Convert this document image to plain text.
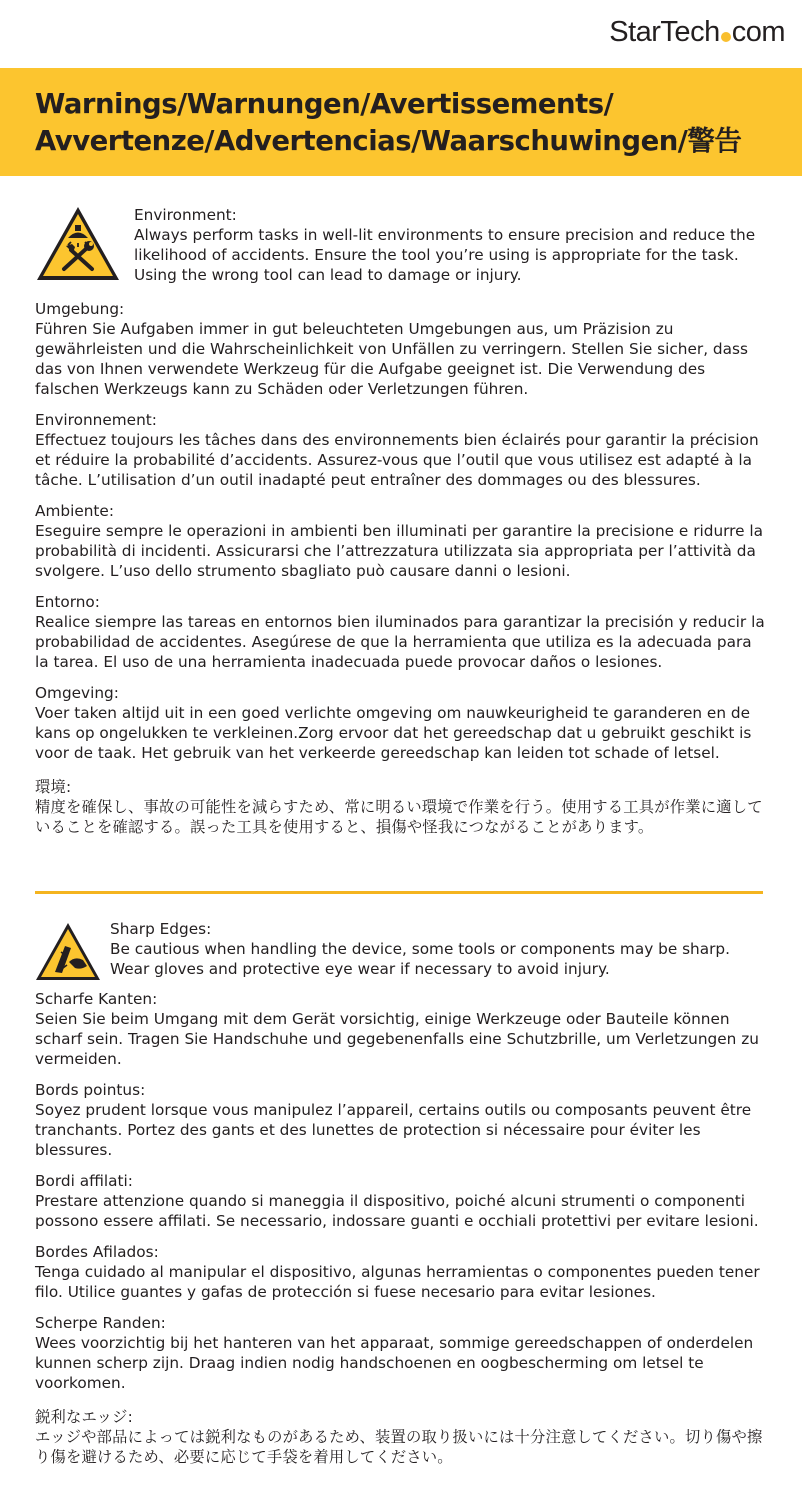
StarTech com
Warnings/Warnungen/Avertissements/
Avvertenze/Advertencias/Waarschuwingen/警告
Environment:
Always perform tasks in well-lit environments to ensure precision and reduce the likelihood of accidents. Ensure the tool you’re using is appropriate for the task. Using the wrong tool can lead to damage or injury.
Umgebung:
Führen Sie Aufgaben immer in gut beleuchteten Umgebungen aus, um Präzision zu gewährleisten und die Wahrscheinlichkeit von Unfällen zu verringern. Stellen Sie sicher, dass das von Ihnen verwendete Werkzeug für die Aufgabe geeignet ist. Die Verwendung des falschen Werkzeugs kann zu Schäden oder Verletzungen führen.
Environnement:
Effectuez toujours les tâches dans des environnements bien éclairés pour garantir la précision et réduire la probabilité d’accidents. Assurez-vous que l’outil que vous utilisez est adapté à la tâche. L’utilisation d’un outil inadapté peut entraîner des dommages ou des blessures.
Ambiente:
Eseguire sempre le operazioni in ambienti ben illuminati per garantire la precisione e ridurre la probabilità di incidenti. Assicurarsi che l’attrezzatura utilizzata sia appropriata per l’attività da svolgere. L’uso dello strumento sbagliato può causare danni o lesioni.
Entorno:
Realice siempre las tareas en entornos bien iluminados para garantizar la precisión y reducir la probabilidad de accidentes. Asegúrese de que la herramienta que utiliza es la adecuada para la tarea. El uso de una herramienta inadecuada puede provocar daños o lesiones.
Omgeving:
Voer taken altijd uit in een goed verlichte omgeving om nauwkeurigheid te garanderen en de kans op ongelukken te verkleinen.Zorg ervoor dat het gereedschap dat u gebruikt geschikt is voor de taak. Het gebruik van het verkeerde gereedschap kan leiden tot schade of letsel.
環境:
精度を確保し、事故の可能性を減らすため、常に明るい環境で作業を行う。使用する工具が作業に適していることを確認する。誤った工具を使用すると、損傷や怪我につながることがあります。
Sharp Edges:
Be cautious when handling the device, some tools or components may be sharp. Wear gloves and protective eye wear if necessary to avoid injury.
Scharfe Kanten:
Seien Sie beim Umgang mit dem Gerät vorsichtig, einige Werkzeuge oder Bauteile können scharf sein. Tragen Sie Handschuhe und gegebenenfalls eine Schutzbrille, um Verletzungen zu vermeiden.
Bords pointus:
Soyez prudent lorsque vous manipulez l’appareil, certains outils ou composants peuvent être tranchants. Portez des gants et des lunettes de protection si nécessaire pour éviter les blessures.
Bordi affilati:
Prestare attenzione quando si maneggia il dispositivo, poiché alcuni strumenti o componenti possono essere affilati. Se necessario, indossare guanti e occhiali protettivi per evitare lesioni.
Bordes Afilados:
Tenga cuidado al manipular el dispositivo, algunas herramientas o componentes pueden tener filo. Utilice guantes y gafas de protección si fuese necesario para evitar lesiones.
Scherpe Randen:
Wees voorzichtig bij het hanteren van het apparaat, sommige gereedschappen of onderdelen kunnen scherp zijn. Draag indien nodig handschoenen en oogbescherming om letsel te voorkomen.
鋭利なエッジ:
エッジや部品によっては鋭利なものがあるため、装置の取り扱いには十分注意してください。切り傷や擦り傷を避けるため、必要に応じて手袋を着用してください。
